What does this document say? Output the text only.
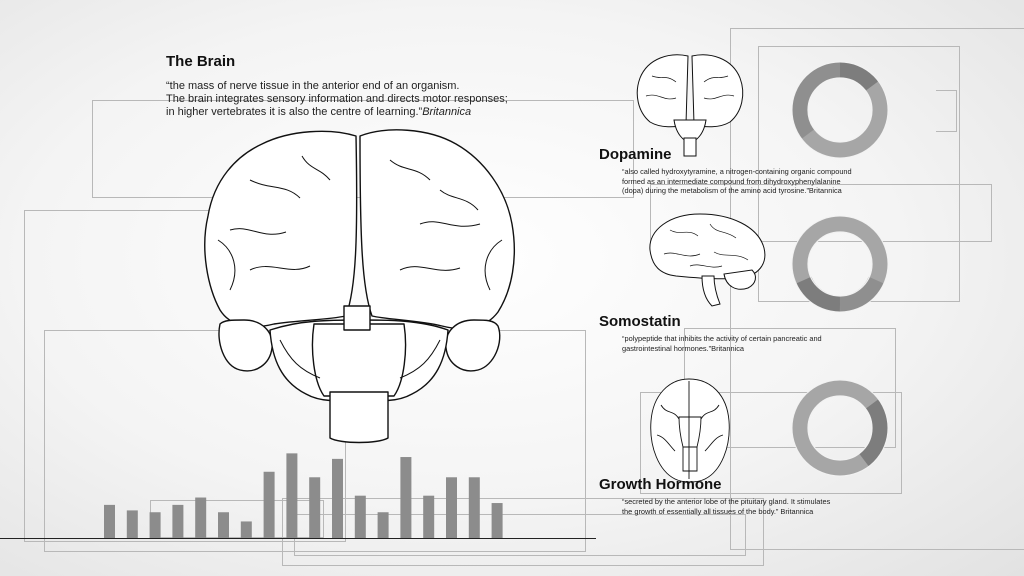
The Brain
“the mass of nerve tissue in the anterior end of an organism.
The brain integrates sensory information and directs motor responses;
in higher vertebrates it is also the centre of learning.”Britannica
Dopamine
“also called hydroxytyramine, a nitrogen-containing organic compound
formed as an intermediate compound from dihydroxyphenylalanine
(dopa) during the metabolism of the amino acid tyrosine.”Britannica
Somostatin
“polypeptide that inhibits the activity of certain pancreatic and
gastrointestinal hormones.”Britannica
Growth Hormone
“secreted by the anterior lobe of the pituitary gland. It stimulates
the growth of essentially all tissues of the body.” Britannica
